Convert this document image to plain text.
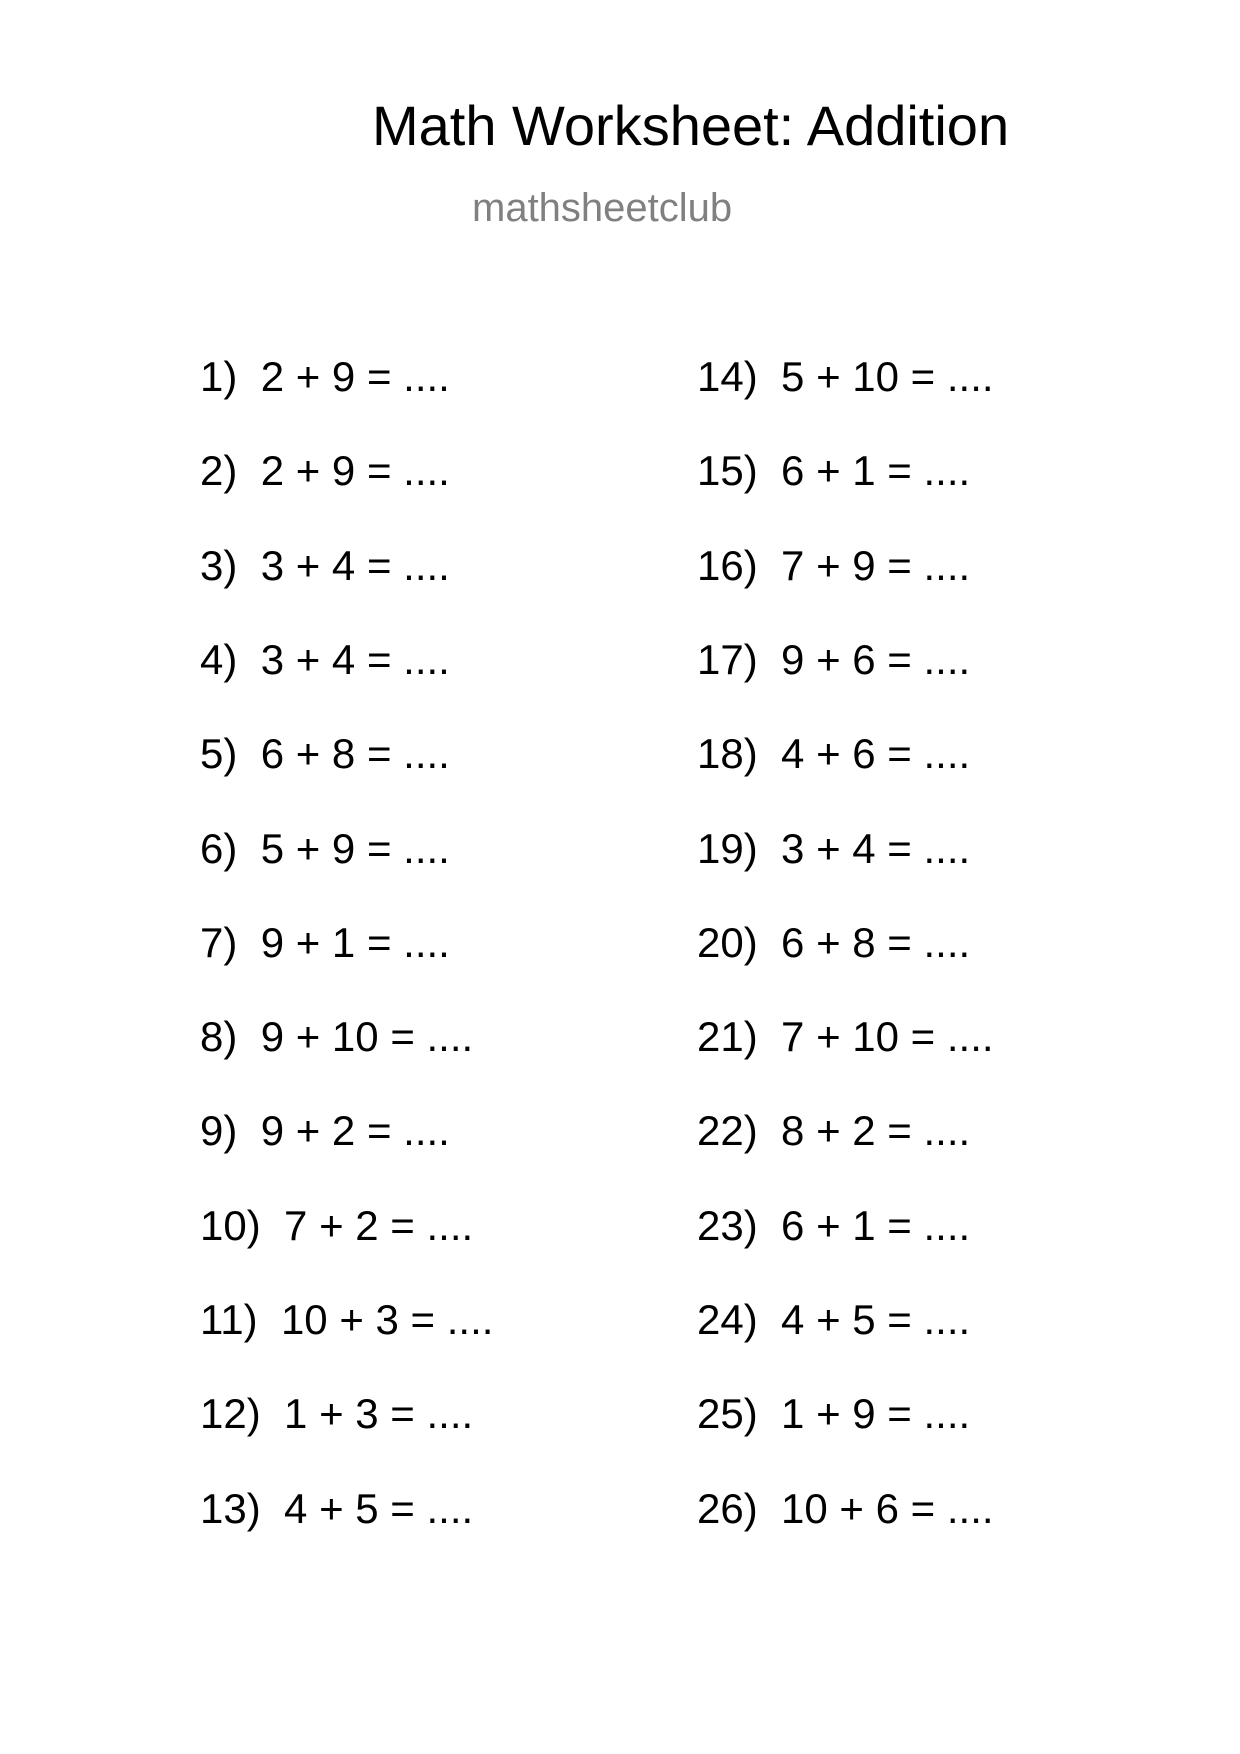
Math Worksheet: Addition
mathsheetclub
1) 2 + 9 = ....
2) 2 + 9 = ....
3) 3 + 4 = ....
4) 3 + 4 = ....
5) 6 + 8 = ....
6) 5 + 9 = ....
7) 9 + 1 = ....
8) 9 + 10 = ....
9) 9 + 2 = ....
10) 7 + 2 = ....
11) 10 + 3 = ....
12) 1 + 3 = ....
13) 4 + 5 = ....
14) 5 + 10 = ....
15) 6 + 1 = ....
16) 7 + 9 = ....
17) 9 + 6 = ....
18) 4 + 6 = ....
19) 3 + 4 = ....
20) 6 + 8 = ....
21) 7 + 10 = ....
22) 8 + 2 = ....
23) 6 + 1 = ....
24) 4 + 5 = ....
25) 1 + 9 = ....
26) 10 + 6 = ....
